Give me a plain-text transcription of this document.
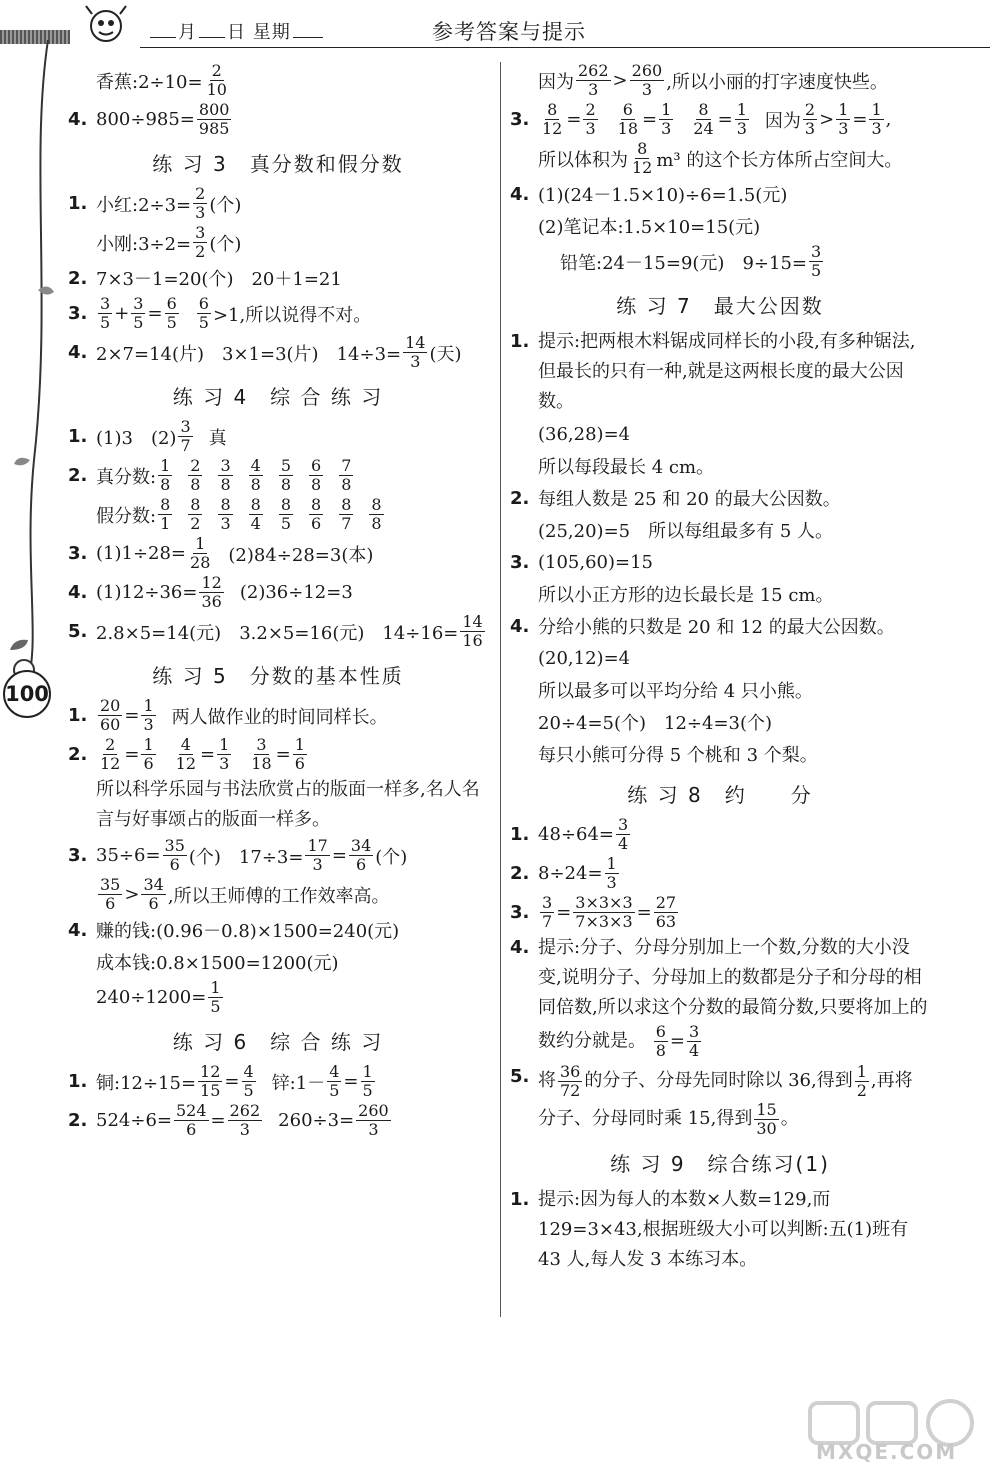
月 日 星期	参考答案与提示
100
香蕉:2÷10= $\frac{2}{10}$
4. $800\div 985= \frac{800}{985}$
练 习 3　真分数和假分数
1. 小红:2÷3= $\frac{2}{3}$ (个)
小刚:3÷2= $\frac{3}{2}$ (个)
2. 7×3－1=20(个)　20＋1=21
3. $\frac{3}{5} + \frac{3}{5} = \frac{6}{5} \frac{6}{5} >1$,所以说得不对。
4. 2×7=14(片)　3×1=3(片)　$14\div 3= \frac{14}{3}$ (天)
练 习 4　综 合 练 习
1. (1)3　$(2) \frac{3}{7}$ 真
2. 真分数: $\frac{1}{8} \frac{2}{8} \frac{3}{8} \frac{4}{8} \frac{5}{8} \frac{6}{8} \frac{7}{8}$
假分数: $\frac{8}{1} \frac{8}{2} \frac{8}{3} \frac{8}{4} \frac{8}{5} \frac{8}{6} \frac{8}{7} \frac{8}{8}$
3. $(1)1\div 28= \frac{1}{28} (2)84\div 28=3$(本)
4. $(1)12\div 36= \frac{12}{36} (2)36\div 12=3$
5. 2.8×5=14(元)　3.2×5=16(元)　$14\div 16= \frac{14}{16}$
练 习 5　分数的基本性质
1. $\frac{20}{60} = \frac{1}{3}$ 两人做作业的时间同样长。
2. $\frac{2}{12} = \frac{1}{6} \frac{4}{12} = \frac{1}{3} \frac{3}{18} = \frac{1}{6}$
所以科学乐园与书法欣赏占的版面一样多,名人名言与好事颂占的版面一样多。
3. $35\div 6= \frac{35}{6}$ (个)　$17\div 3= \frac{17}{3} = \frac{34}{6}$ (个)
$\frac{35}{6} > \frac{34}{6}$ ,所以王师傅的工作效率高。
4. 赚的钱:(0.96－0.8)×1500=240(元)
成本钱:0.8×1500=1200(元)
$240\div 1200= \frac{1}{5}$
练 习 6　综 合 练 习
1. 铜:12÷15= $\frac{12}{15} = \frac{4}{5}$ 锌:1－ $\frac{4}{5} = \frac{1}{5}$
2. $524\div 6= \frac{524}{6} = \frac{262}{3} 260\div 3= \frac{260}{3}$
因为 $\frac{262}{3} > \frac{260}{3}$ ,所以小丽的打字速度快些。
3. $\frac{8}{12} = \frac{2}{3} \frac{6}{18} = \frac{1}{3} \frac{8}{24} = \frac{1}{3}$ 因为 $\frac{2}{3} > \frac{1}{3} = \frac{1}{3}$ ,
所以体积为 $\frac{8}{12} m^3$ 的这个长方体所占空间大。
4. (1)(24－1.5×10)÷6=1.5(元)
(2)笔记本:1.5×10=15(元)
铅笔:24－15=9(元)　$9\div 15= \frac{3}{5}$
练 习 7　最大公因数
1. 提示:把两根木料锯成同样长的小段,有多种锯法,但最长的只有一种,就是这两根长度的最大公因数。
(36,28)=4
所以每段最长 4 cm。
2. 每组人数是 25 和 20 的最大公因数。
(25,20)=5　所以每组最多有 5 人。
3. (105,60)=15
所以小正方形的边长最长是 15 cm。
4. 分给小熊的只数是 20 和 12 的最大公因数。
(20,12)=4
所以最多可以平均分给 4 只小熊。
20÷4=5(个)　12÷4=3(个)
每只小熊可分得 5 个桃和 3 个梨。
练 习 8　约　　分
1. $48\div 64= \frac{3}{4}$
2. $8\div 24= \frac{1}{3}$
3. $\frac{3}{7} = \frac{3\times 3\times 3}{7\times 3\times 3} = \frac{27}{63}$
4. 提示:分子、分母分别加上一个数,分数的大小没变,说明分子、分母加上的数都是分子和分母的相同倍数,所以求这个分数的最简分数,只要将加上的数约分就是。 $\frac{6}{8} = \frac{3}{4}$
5. 将 $\frac{36}{72}$ 的分子、分母先同时除以 36,得到 $\frac{1}{2}$ ,再将分子、分母同时乘 15,得到 $\frac{15}{30}$ 。
练 习 9　综合练习(1)
1. 提示:因为每人的本数×人数=129,而 129=3×43,根据班级大小可以判断:五(1)班有 43 人,每人发 3 本练习本。
MXQE.COM
